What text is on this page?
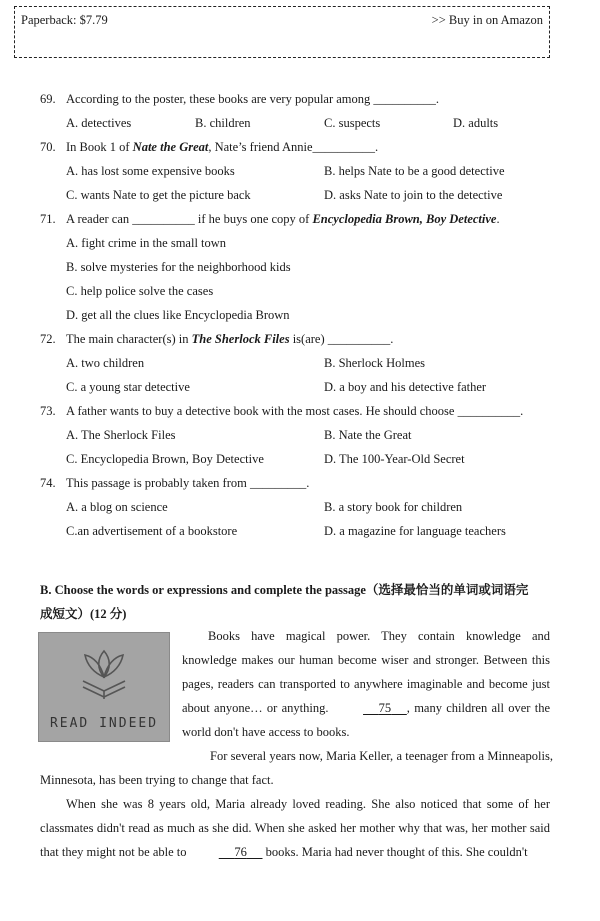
Paperback: $7.79	>> Buy in on Amazon
69. According to the poster, these books are very popular among __________.
A. detectives	B. children	C. suspects	D. adults
70. In Book 1 of Nate the Great, Nate’s friend Annie__________.
A. has lost some expensive books	B. helps Nate to be a good detective
C. wants Nate to get the picture back	D. asks Nate to join to the detective
71. A reader can __________ if he buys one copy of Encyclopedia Brown, Boy Detective.
A. fight crime in the small town
B. solve mysteries for the neighborhood kids
C. help police solve the cases
D. get all the clues like Encyclopedia Brown
72. The main character(s) in The Sherlock Files is(are) __________.
A. two children	B. Sherlock Holmes
C. a young star detective	D. a boy and his detective father
73. A father wants to buy a detective book with the most cases. He should choose __________.
A. The Sherlock Files	B. Nate the Great
C. Encyclopedia Brown, Boy Detective	D. The 100-Year-Old Secret
74. This passage is probably taken from _________.
A. a blog on science	B. a story book for children
C.an advertisement of a bookstore	D. a magazine for language teachers
B. Choose the words or expressions and complete the passage（选择最恰当的单词或词语完
成短文）(12 分)
READ INDEED
Books have magical power. They contain knowledge and knowledge makes our human become wiser and stronger. Between this pages, readers can transported to anywhere imaginable and become just about anyone… or anything.	75 , many children all over the world don't have access to books.
For several years now, Maria Keller, a teenager from a Minneapolis, Minnesota, has been trying to change that fact.
When she was 8 years old, Maria already loved reading. She also noticed that some of her classmates didn't read as much as she did. When she asked her mother why that was, her mother said that they might not be able to	76 books. Maria had never thought of this. She couldn't
